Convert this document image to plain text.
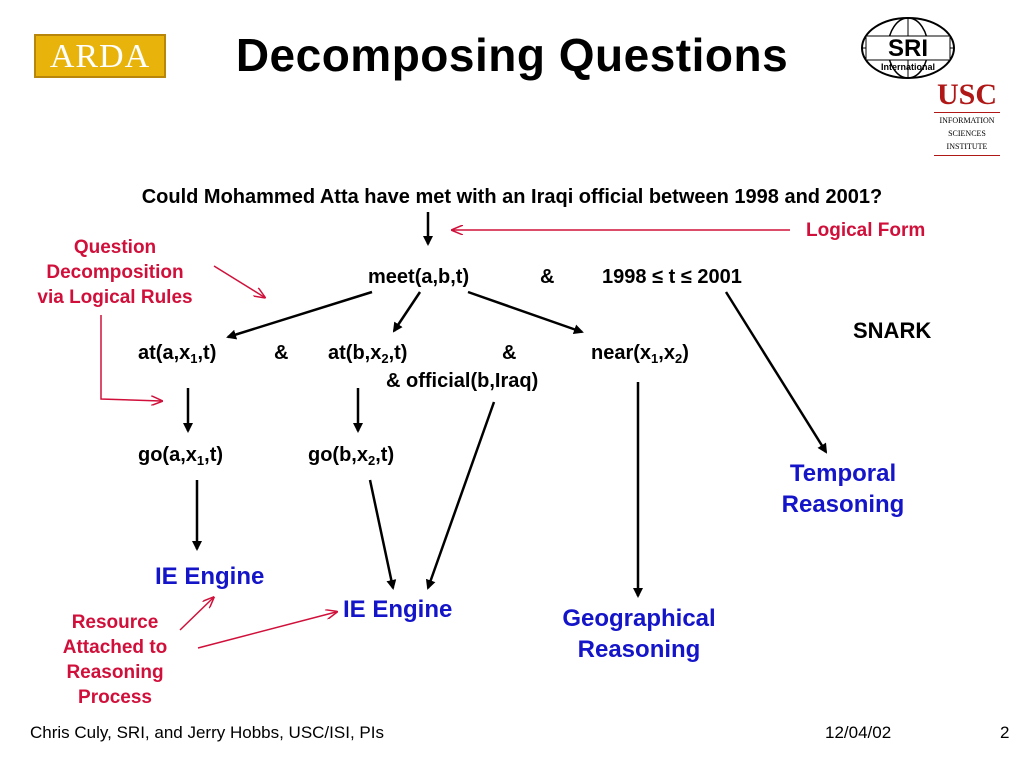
ARDA	SRI
International
USC
INFORMATION
SCIENCES
INSTITUTE
Decomposing Questions
Could Mohammed Atta have met with an Iraqi official between 1998 and 2001?
Logical Form
Question
Decomposition
via Logical Rules
Resource
Attached to
Reasoning
Process
SNARK
meet(a,b,t)	& 1998 ≤ t ≤ 2001
$at(a,x_1,t)$	& $at(b,x_2,t)$	&	$near(x_1,x_2)$
& official(b,Iraq)
$go(a,x_1,t)$	$go(b,x_2,t)$
IE Engine
IE Engine
Temporal
Reasoning
Geographical
Reasoning
Chris Culy, SRI, and Jerry Hobbs, USC/ISI, PIs	12/04/02	2
